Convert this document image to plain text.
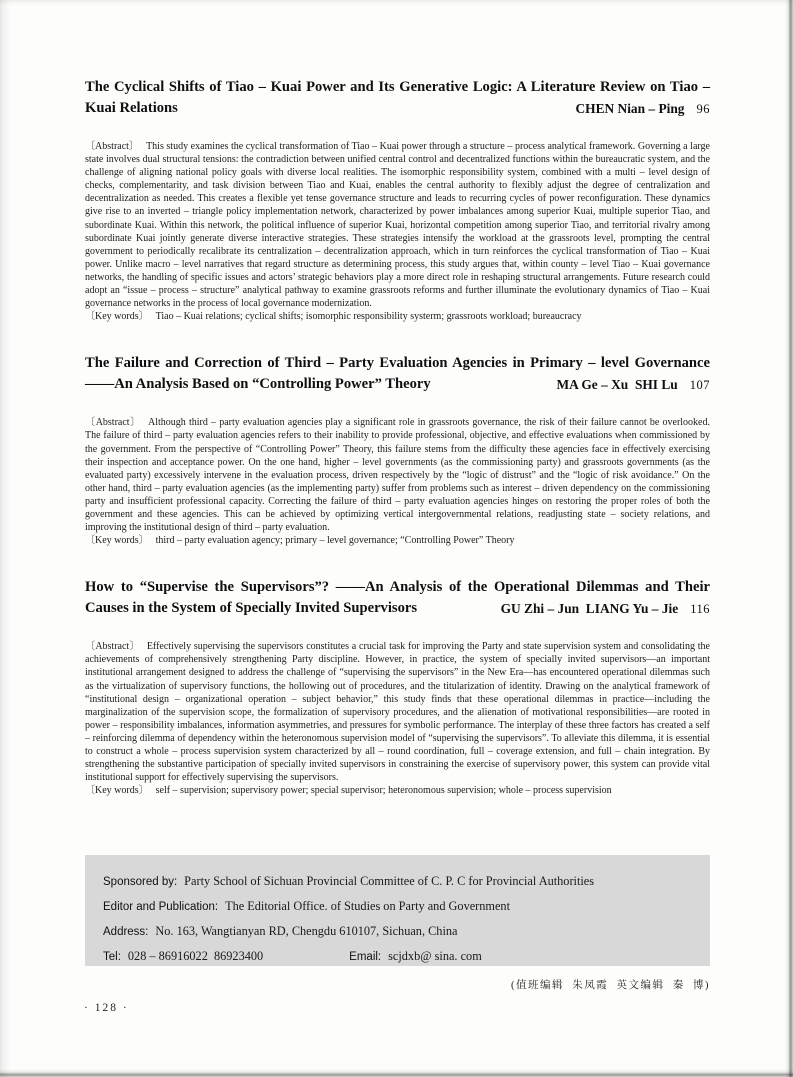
The Cyclical Shifts of Tiao – Kuai Power and Its Generative Logic: A Literature Review on Tiao – Kuai Relations	CHEN Nian – Ping 96

〔Abstract〕 This study examines the cyclical transformation of Tiao – Kuai power through a structure – process analytical framework. Governing a large state involves dual structural tensions: the contradiction between unified central control and decentralized functions within the bureaucratic system, and the challenge of aligning national policy goals with diverse local realities. The isomorphic responsibility system, combined with a multi – level design of checks, complementarity, and task division between Tiao and Kuai, enables the central authority to flexibly adjust the degree of centralization and decentralization as needed. This creates a flexible yet tense governance structure and leads to recurring cycles of power reconfiguration. These dynamics give rise to an inverted – triangle policy implementation network, characterized by power imbalances among superior Kuai, multiple superior Tiao, and subordinate Kuai. Within this network, the political influence of superior Kuai, horizontal competition among superior Tiao, and territorial rivalry among subordinate Kuai jointly generate diverse interactive strategies. These strategies intensify the workload at the grassroots level, prompting the central government to periodically recalibrate its centralization – decentralization approach, which in turn reinforces the cyclical transformation of Tiao – Kuai power. Unlike macro – level narratives that regard structure as determining process, this study argues that, within county – level Tiao – Kuai governance networks, the handling of specific issues and actors’ strategic behaviors play a more direct role in reshaping structural arrangements. Future research could adopt an “issue – process – structure” analytical pathway to examine grassroots reforms and further illuminate the evolutionary dynamics of Tiao – Kuai governance networks in the process of local governance modernization.

〔Key words〕 Tiao – Kuai relations; cyclical shifts; isomorphic responsibility systerm; grassroots workload; bureaucracy

The Failure and Correction of Third – Party Evaluation Agencies in Primary – level Governance——An Analysis Based on “Controlling Power” Theory	MA Ge – Xu  SHI Lu 107

〔Abstract〕 Although third – party evaluation agencies play a significant role in grassroots governance, the risk of their failure cannot be overlooked. The failure of third – party evaluation agencies refers to their inability to provide professional, objective, and effective evaluations when commissioned by the government. From the perspective of “Controlling Power” Theory, this failure stems from the difficulty these agencies face in effectively exercising their inspection and acceptance power. On the one hand, higher – level governments (as the commissioning party) and grassroots governments (as the evaluated party) excessively intervene in the evaluation process, driven respectively by the “logic of distrust” and the “logic of risk avoidance.” On the other hand, third – party evaluation agencies (as the implementing party) suffer from problems such as interest – driven dependency on the commissioning party and insufficient professional capacity. Correcting the failure of third – party evaluation agencies hinges on restoring the proper roles of both the government and these agencies. This can be achieved by optimizing vertical intergovernmental relations, readjusting state – society relations, and improving the institutional design of third – party evaluation.

〔Key words〕 third – party evaluation agency; primary – level governance; “Controlling Power” Theory

How to “Supervise the Supervisors”? ——An Analysis of the Operational Dilemmas and Their Causes in the System of Specially Invited Supervisors	GU Zhi – Jun  LIANG Yu – Jie 116

〔Abstract〕 Effectively supervising the supervisors constitutes a crucial task for improving the Party and state supervision system and consolidating the achievements of comprehensively strengthening Party discipline. However, in practice, the system of specially invited supervisors—an important institutional arrangement designed to address the challenge of “supervising the supervisors” in the New Era—has encountered operational dilemmas such as the virtualization of supervisory functions, the hollowing out of procedures, and the titularization of identity. Drawing on the analytical framework of “institutional design – organizational operation – subject behavior,” this study finds that these operational dilemmas in practice—including the marginalization of the supervision scope, the formalization of supervisory procedures, and the alienation of motivational responsibilities—are rooted in power – responsibility imbalances, information asymmetries, and pressures for symbolic performance. The interplay of these three factors has created a self – reinforcing dilemma of dependency within the heteronomous supervision model of “supervising the supervisors”. To alleviate this dilemma, it is essential to construct a whole – process supervision system characterized by all – round coordination, full – coverage extension, and full – chain integration. By strengthening the substantive participation of specially invited supervisors in constraining the exercise of supervisory power, this system can provide vital institutional support for effectively supervising the supervisors.

〔Key words〕 self – supervision; supervisory power; special supervisor; heteronomous supervision; whole – process supervision

Sponsored by: Party School of Sichuan Provincial Committee of C. P. C for Provincial Authorities
Editor and Publication: The Editorial Office. of Studies on Party and Government
Address: No. 163, Wangtianyan RD, Chengdu 610107, Sichuan, China
Tel: 028 – 86916022  86923400	Email: scjdxb@ sina. com
(值班编辑  朱凤霞  英文编辑  秦  博)
· 128 ·
